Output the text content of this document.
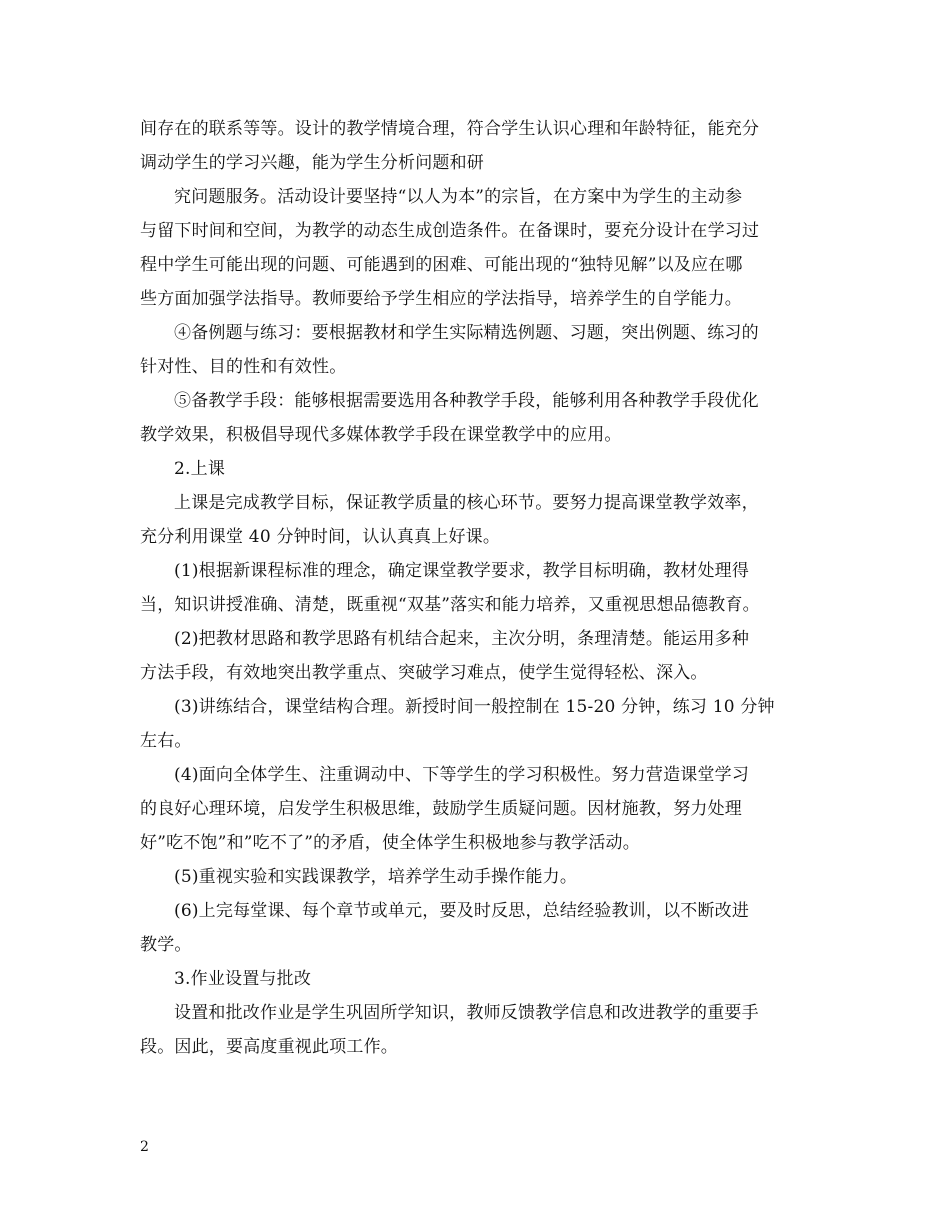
间存在的联系等等。设计的教学情境合理，符合学生认识心理和年龄特征，能充分
调动学生的学习兴趣，能为学生分析问题和研
究问题服务。活动设计要坚持“以人为本”的宗旨，在方案中为学生的主动参
与留下时间和空间，为教学的动态生成创造条件。在备课时，要充分设计在学习过
程中学生可能出现的问题、可能遇到的困难、可能出现的“独特见解”以及应在哪
些方面加强学法指导。教师要给予学生相应的学法指导，培养学生的自学能力。
④备例题与练习：要根据教材和学生实际精选例题、习题，突出例题、练习的
针对性、目的性和有效性。
⑤备教学手段：能够根据需要选用各种教学手段，能够利用各种教学手段优化
教学效果，积极倡导现代多媒体教学手段在课堂教学中的应用。
2.上课
上课是完成教学目标，保证教学质量的核心环节。要努力提高课堂教学效率，
充分利用课堂 40 分钟时间，认认真真上好课。
(1)根据新课程标准的理念，确定课堂教学要求，教学目标明确，教材处理得
当，知识讲授准确、清楚，既重视“双基”落实和能力培养，又重视思想品德教育。
(2)把教材思路和教学思路有机结合起来，主次分明，条理清楚。能运用多种
方法手段，有效地突出教学重点、突破学习难点，使学生觉得轻松、深入。
(3)讲练结合，课堂结构合理。新授时间一般控制在 15-20 分钟，练习 10 分钟
左右。
(4)面向全体学生、注重调动中、下等学生的学习积极性。努力营造课堂学习
的良好心理环境，启发学生积极思维，鼓励学生质疑问题。因材施教，努力处理
好”吃不饱”和”吃不了”的矛盾，使全体学生积极地参与教学活动。
(5)重视实验和实践课教学，培养学生动手操作能力。
(6)上完每堂课、每个章节或单元，要及时反思，总结经验教训，以不断改进
教学。
3.作业设置与批改
设置和批改作业是学生巩固所学知识，教师反馈教学信息和改进教学的重要手
段。因此，要高度重视此项工作。

2
